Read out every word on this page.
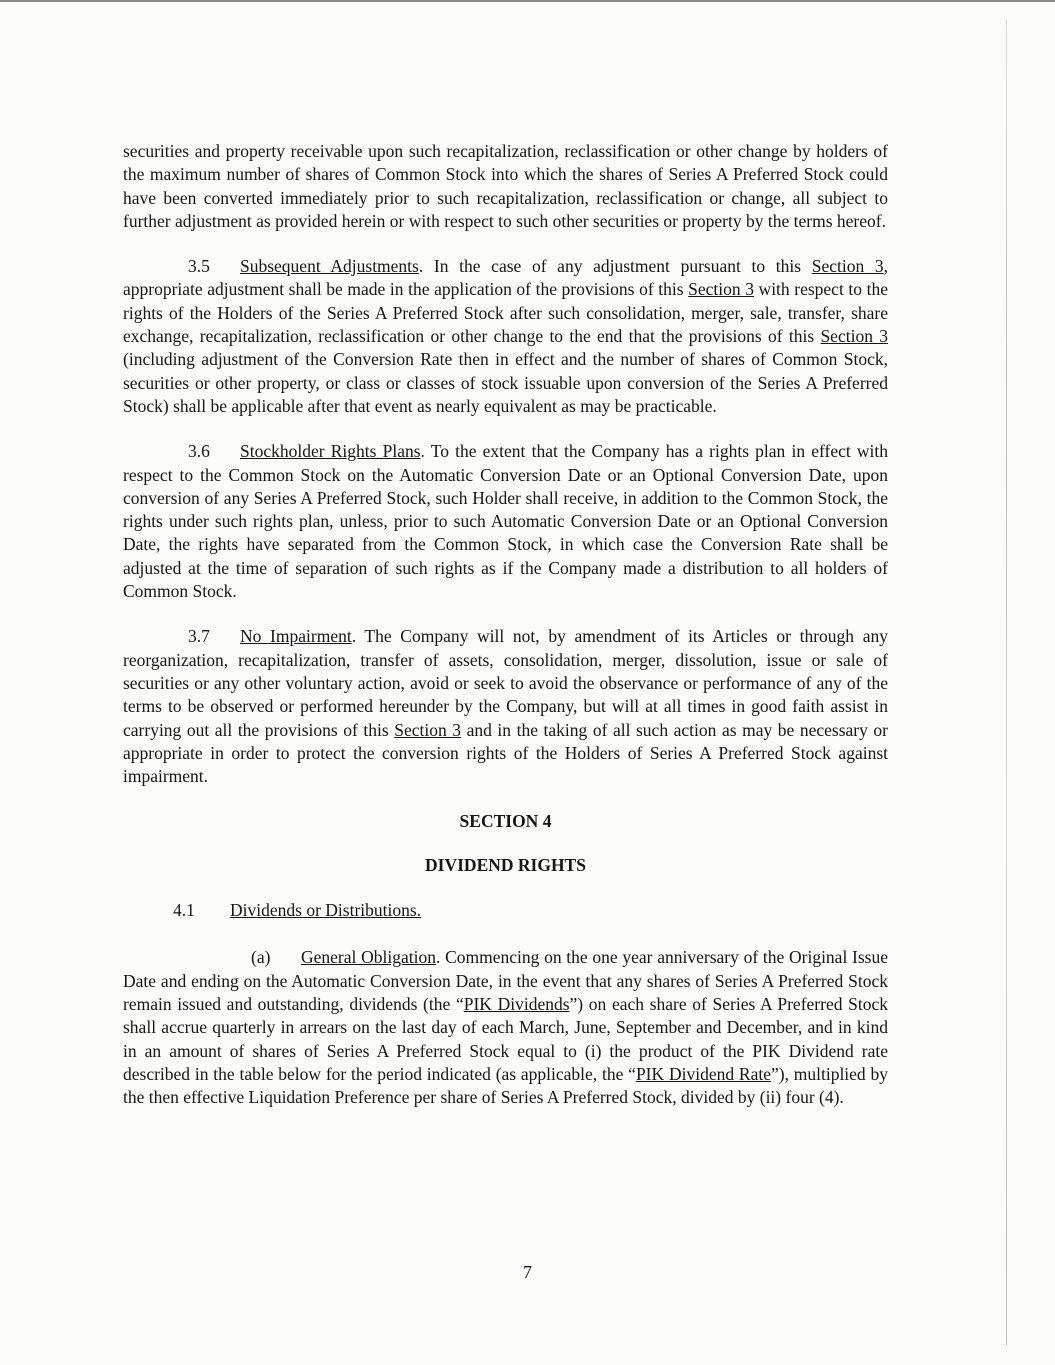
securities and property receivable upon such recapitalization, reclassification or other change by holders of the maximum number of shares of Common Stock into which the shares of Series A Preferred Stock could have been converted immediately prior to such recapitalization, reclassification or change, all subject to further adjustment as provided herein or with respect to such other securities or property by the terms hereof.

3.5 Subsequent Adjustments. In the case of any adjustment pursuant to this Section 3, appropriate adjustment shall be made in the application of the provisions of this Section 3 with respect to the rights of the Holders of the Series A Preferred Stock after such consolidation, merger, sale, transfer, share exchange, recapitalization, reclassification or other change to the end that the provisions of this Section 3 (including adjustment of the Conversion Rate then in effect and the number of shares of Common Stock, securities or other property, or class or classes of stock issuable upon conversion of the Series A Preferred Stock) shall be applicable after that event as nearly equivalent as may be practicable.

3.6 Stockholder Rights Plans. To the extent that the Company has a rights plan in effect with respect to the Common Stock on the Automatic Conversion Date or an Optional Conversion Date, upon conversion of any Series A Preferred Stock, such Holder shall receive, in addition to the Common Stock, the rights under such rights plan, unless, prior to such Automatic Conversion Date or an Optional Conversion Date, the rights have separated from the Common Stock, in which case the Conversion Rate shall be adjusted at the time of separation of such rights as if the Company made a distribution to all holders of Common Stock.

3.7 No Impairment. The Company will not, by amendment of its Articles or through any reorganization, recapitalization, transfer of assets, consolidation, merger, dissolution, issue or sale of securities or any other voluntary action, avoid or seek to avoid the observance or performance of any of the terms to be observed or performed hereunder by the Company, but will at all times in good faith assist in carrying out all the provisions of this Section 3 and in the taking of all such action as may be necessary or appropriate in order to protect the conversion rights of the Holders of Series A Preferred Stock against impairment.

SECTION 4

DIVIDEND RIGHTS

4.1 Dividends or Distributions.

(a) General Obligation. Commencing on the one year anniversary of the Original Issue Date and ending on the Automatic Conversion Date, in the event that any shares of Series A Preferred Stock remain issued and outstanding, dividends (the “PIK Dividends”) on each share of Series A Preferred Stock shall accrue quarterly in arrears on the last day of each March, June, September and December, and in kind in an amount of shares of Series A Preferred Stock equal to (i) the product of the PIK Dividend rate described in the table below for the period indicated (as applicable, the “PIK Dividend Rate”), multiplied by the then effective Liquidation Preference per share of Series A Preferred Stock, divided by (ii) four (4).

7
